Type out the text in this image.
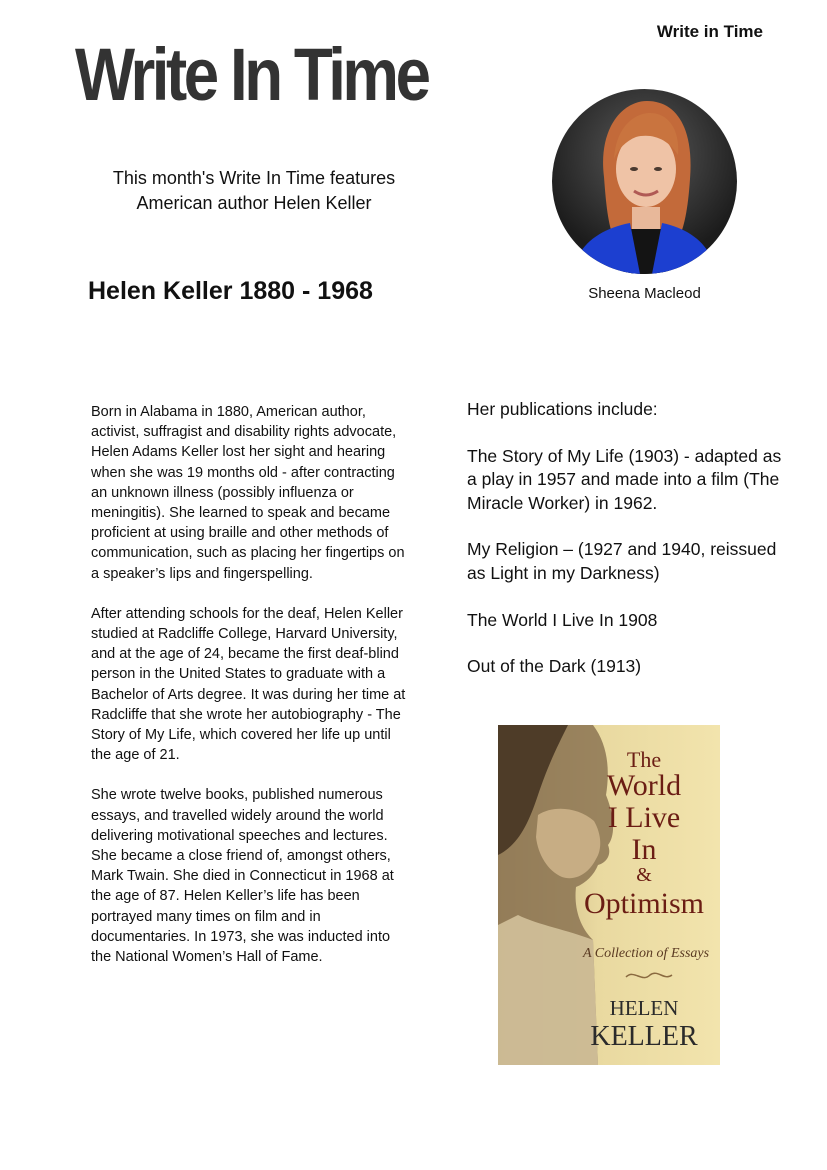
Write in Time
Write In Time
This month's Write In Time features
American author Helen Keller
Helen Keller 1880 - 1968	Sheena Macleod

Born in Alabama in 1880, American author, activist, suffragist and disability rights advocate, Helen Adams Keller lost her sight and hearing when she was 19 months old - after contracting an unknown illness (possibly influenza or meningitis). She learned to speak and became proficient at using braille and other methods of communication, such as placing her fingertips on a speaker’s lips and fingerspelling.

After attending schools for the deaf, Helen Keller studied at Radcliffe College, Harvard University, and at the age of 24, became the first deaf-blind person in the United States to graduate with a Bachelor of Arts degree. It was during her time at Radcliffe that she wrote her autobiography - The Story of My Life, which covered her life up until the age of 21.

She wrote twelve books, published numerous essays, and travelled widely around the world delivering motivational speeches and lectures. She became a close friend of, amongst others, Mark Twain. She died in Connecticut in 1968 at the age of 87. Helen Keller’s life has been portrayed many times on film and in documentaries. In 1973, she was inducted into the National Women’s Hall of Fame.

Her publications include:

The Story of My Life (1903) - adapted as a play in 1957 and made into a film (The Miracle Worker) in 1962.

My Religion – (1927 and 1940, reissued as Light in my Darkness)

The World I Live In 1908

Out of the Dark (1913)

The
World
I Live
In
&
Optimism
A Collection of Essays
HELEN
KELLER
